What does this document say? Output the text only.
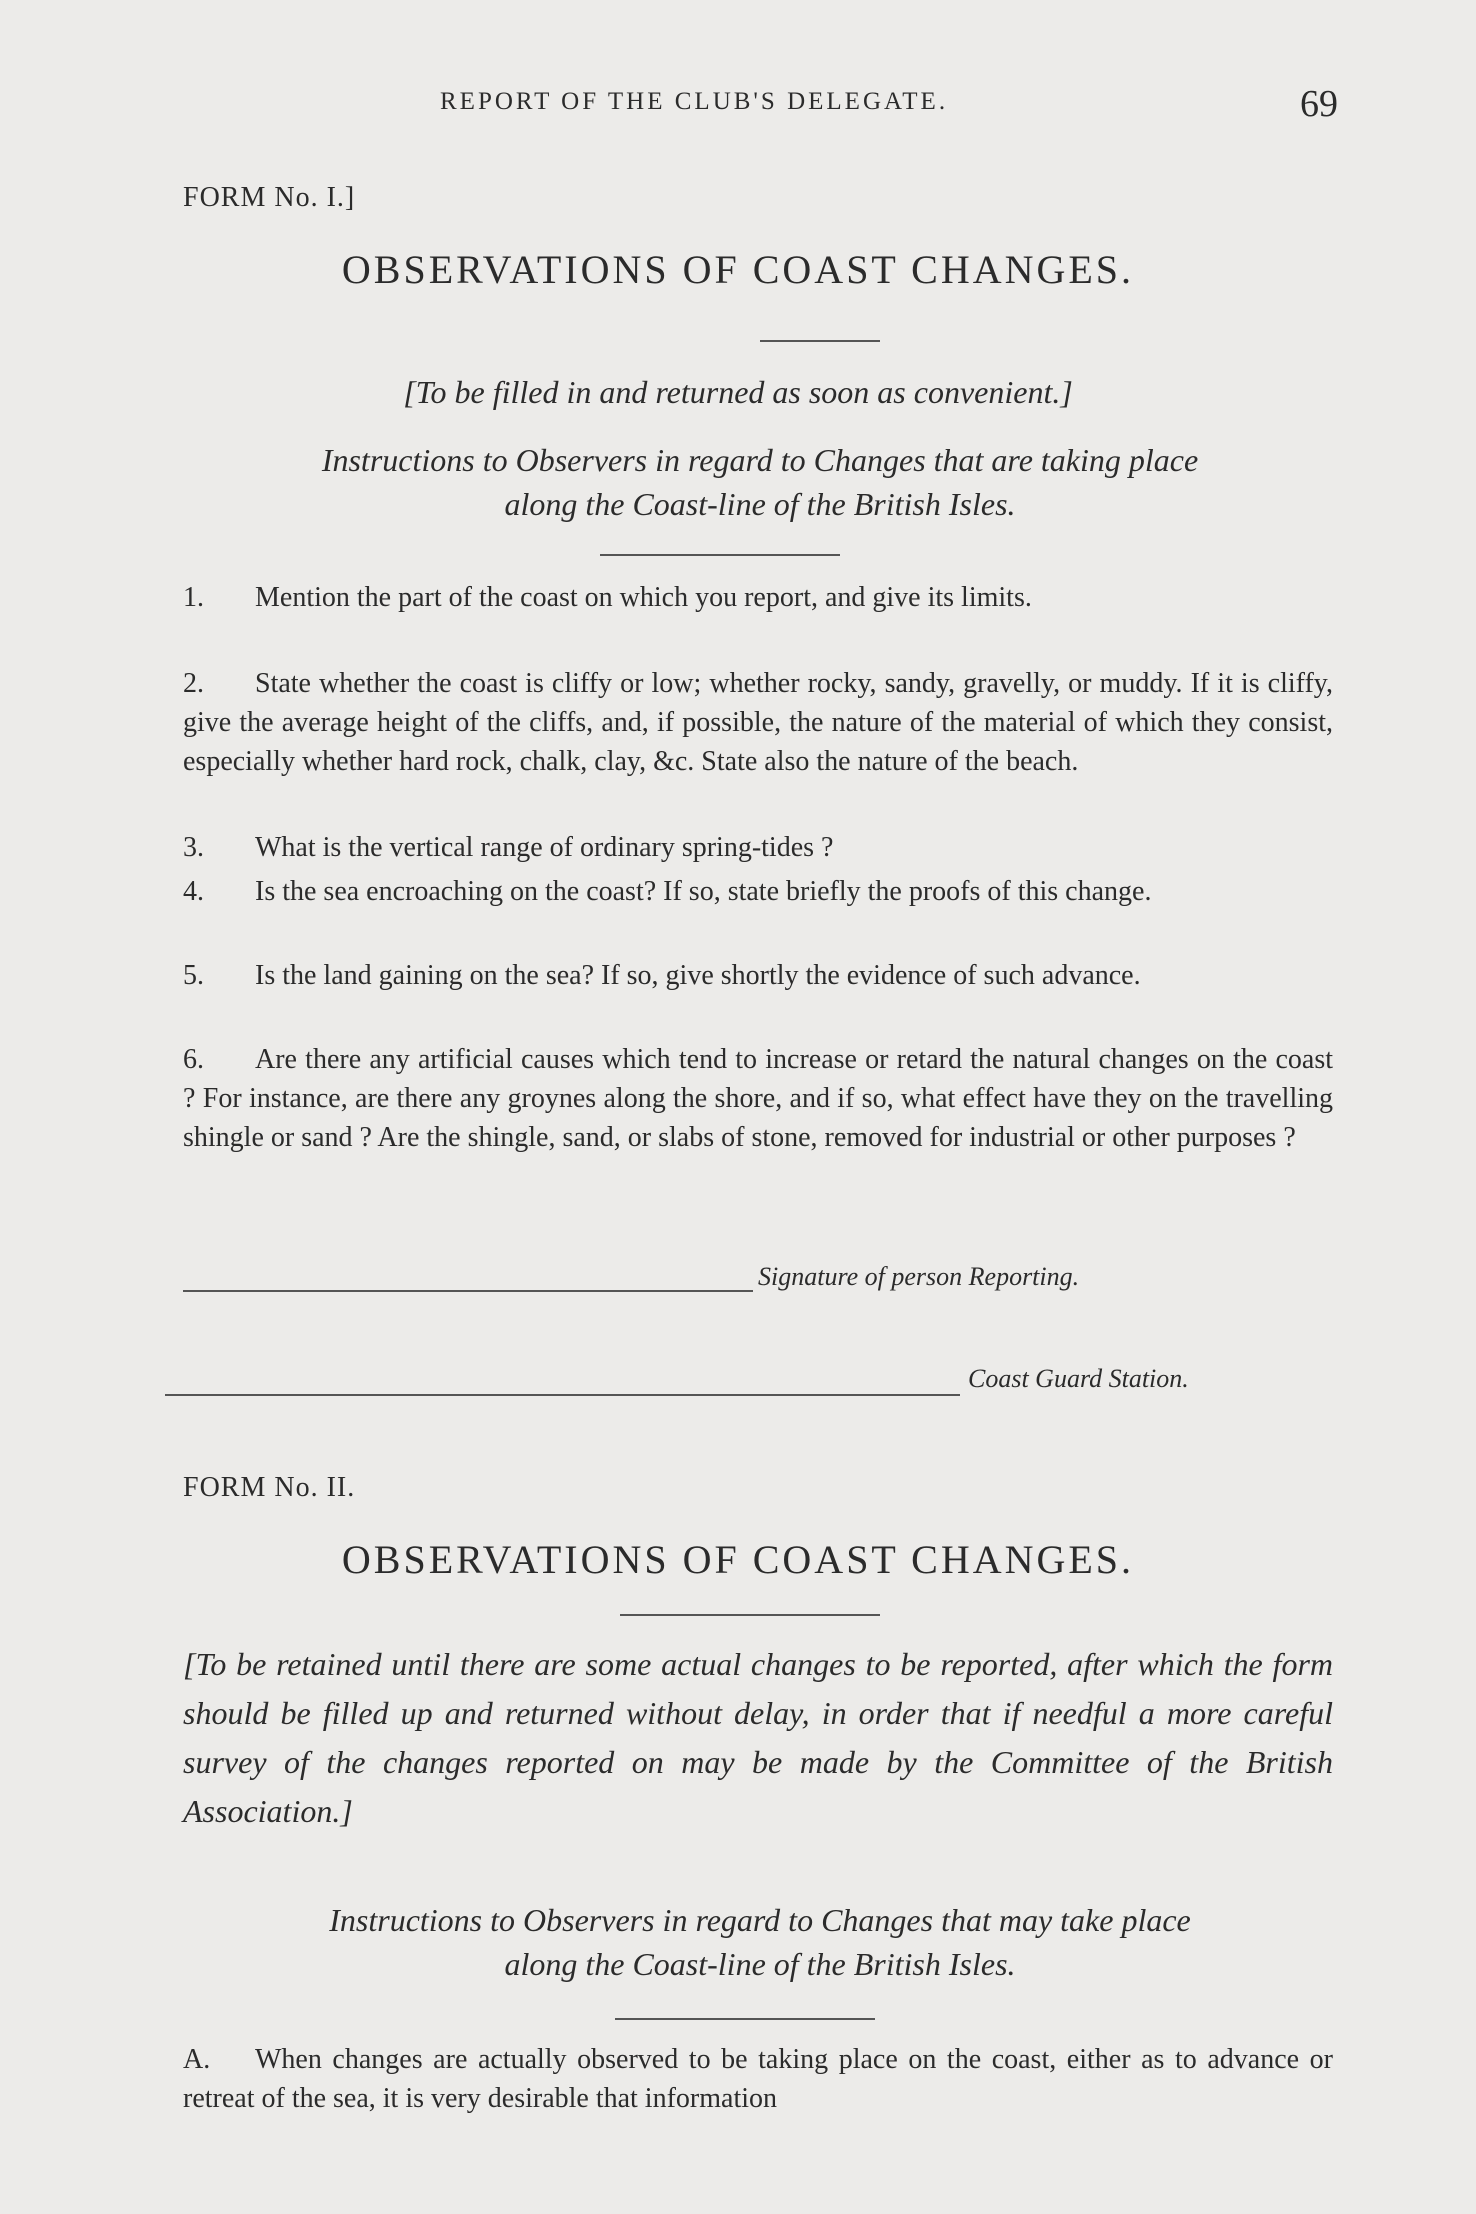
REPORT OF THE CLUB'S DELEGATE.	69
FORM No. I.]
OBSERVATIONS OF COAST CHANGES.
[To be filled in and returned as soon as convenient.]
Instructions to Observers in regard to Changes that are taking place
along the Coast-line of the British Isles.
1. Mention the part of the coast on which you report, and give its limits.
2. State whether the coast is cliffy or low; whether rocky, sandy, gravelly, or muddy. If it is cliffy, give the average height of the cliffs, and, if possible, the nature of the material of which they consist, especially whether hard rock, chalk, clay, &c. State also the nature of the beach.
3. What is the vertical range of ordinary spring-tides ?
4. Is the sea encroaching on the coast? If so, state briefly the proofs of this change.
5. Is the land gaining on the sea? If so, give shortly the evidence of such advance.
6. Are there any artificial causes which tend to increase or retard the natural changes on the coast ? For instance, are there any groynes along the shore, and if so, what effect have they on the travelling shingle or sand ? Are the shingle, sand, or slabs of stone, removed for industrial or other purposes ?
Signature of person Reporting.
Coast Guard Station.
FORM No. II.
OBSERVATIONS OF COAST CHANGES.
[To be retained until there are some actual changes to be reported, after which the form should be filled up and returned without delay, in order that if needful a more careful survey of the changes reported on may be made by the Committee of the British Association.]
Instructions to Observers in regard to Changes that may take place
along the Coast-line of the British Isles.
A. When changes are actually observed to be taking place on the coast, either as to advance or retreat of the sea, it is very desirable that information
